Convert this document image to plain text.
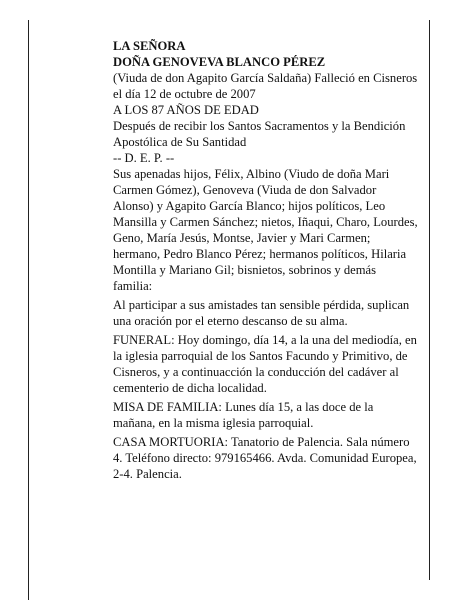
LA SEÑORA

DOÑA GENOVEVA BLANCO PÉREZ

(Viuda de don Agapito García Saldaña) Falleció en Cisneros el día 12 de octubre de 2007

A LOS 87 AÑOS DE EDAD

Después de recibir los Santos Sacramentos y la Bendición Apostólica de Su Santidad

-- D. E. P. --

Sus apenadas hijos, Félix, Albino (Viudo de doña Mari Carmen Gómez), Genoveva (Viuda de don Salvador Alonso) y Agapito García Blanco; hijos políticos, Leo Mansilla y Carmen Sánchez; nietos, Iñaqui, Charo, Lourdes, Geno, María Jesús, Montse, Javier y Mari Carmen; hermano, Pedro Blanco Pérez; hermanos políticos, Hilaria Montilla y Mariano Gil; bisnietos, sobrinos y demás familia:

Al participar a sus amistades tan sensible pérdida, suplican una oración por el eterno descanso de su alma.

FUNERAL: Hoy domingo, día 14, a la una del mediodía, en la iglesia parroquial de los Santos Facundo y Primitivo, de Cisneros, y a continuacción la conducción del cadáver al cementerio de dicha localidad.

MISA DE FAMILIA: Lunes día 15, a las doce de la mañana, en la misma iglesia parroquial.

CASA MORTUORIA: Tanatorio de Palencia. Sala número 4. Teléfono directo: 979165466. Avda. Comunidad Europea, 2-4. Palencia.
